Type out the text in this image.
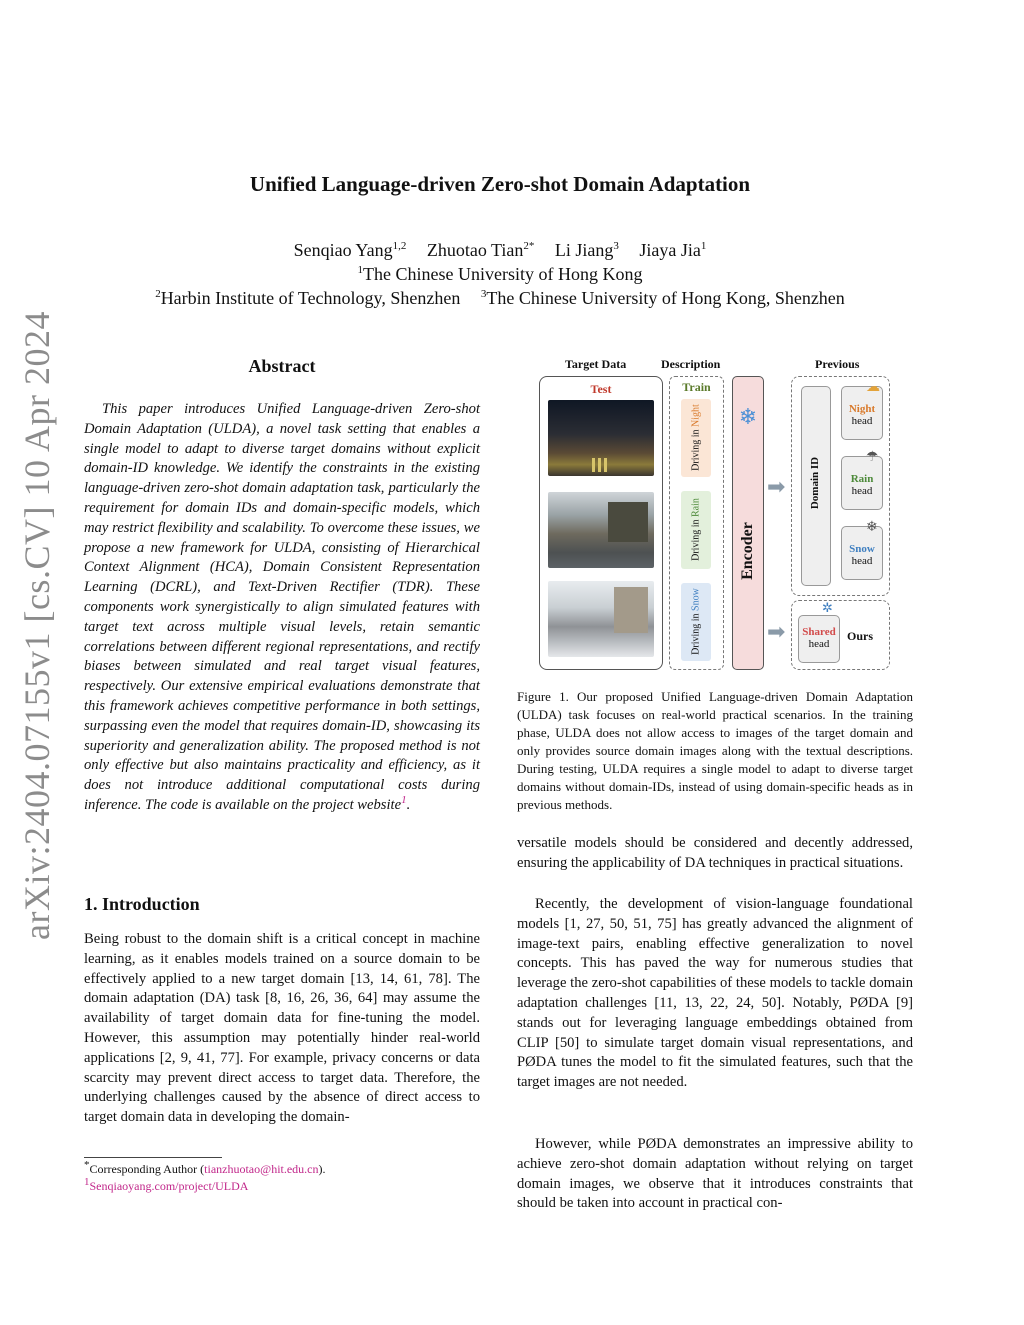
arXiv:2404.07155v1 [cs.CV] 10 Apr 2024
Unified Language-driven Zero-shot Domain Adaptation
Senqiao Yang$^{1,2}$ Zhuotao Tian$^{2*}$ Li Jiang$^3$ Jiaya Jia$^1$
$^1$The Chinese University of Hong Kong
$^2$Harbin Institute of Technology, Shenzhen $^3$The Chinese University of Hong Kong, Shenzhen
Abstract
This paper introduces Unified Language-driven Zero-shot Domain Adaptation (ULDA), a novel task setting that enables a single model to adapt to diverse target domains without explicit domain-ID knowledge. We identify the constraints in the existing language-driven zero-shot domain adaptation task, particularly the requirement for domain IDs and domain-specific models, which may restrict flexibility and scalability. To overcome these issues, we propose a new framework for ULDA, consisting of Hierarchical Context Alignment (HCA), Domain Consistent Representation Learning (DCRL), and Text-Driven Rectifier (TDR). These components work synergistically to align simulated features with target text across multiple visual levels, retain semantic correlations between different regional representations, and rectify biases between simulated and real target visual features, respectively. Our extensive empirical evaluations demonstrate that this framework achieves competitive performance in both settings, surpassing even the model that requires domain-ID, showcasing its superiority and generalization ability. The proposed method is not only effective but also maintains practicality and efficiency, as it does not introduce additional computational costs during inference. The code is available on the project website$^1$.
1. Introduction
Being robust to the domain shift is a critical concept in machine learning, as it enables models trained on a source domain to be effectively applied to a new target domain [13, 14, 61, 78]. The domain adaptation (DA) task [8, 16, 26, 36, 64] may assume the availability of target domain data for fine-tuning the model. However, this assumption may potentially hinder real-world applications [2, 9, 41, 77]. For example, privacy concerns or data scarcity may prevent direct access to target data. Therefore, the underlying challenges caused by the absence of direct access to target domain data in developing the domain-
*Corresponding Author (tianzhuotao@hit.edu.cn).
$^1$Senqiaoyang.com/project/ULDA
Target Data	Description	Previous
Test	Train
Driving in Night
Driving in Rain
Driving in Snow
❄
Encoder
➡
➡
Domain ID
Night
head
☁
Rain
head
☂
Snow
head
❄
Shared
head
✲
Ours
Figure 1. Our proposed Unified Language-driven Domain Adaptation (ULDA) task focuses on real-world practical scenarios. In the training phase, ULDA does not allow access to images of the target domain and only provides source domain images along with the textual descriptions. During testing, ULDA requires a single model to adapt to diverse target domains without domain-IDs, instead of using domain-specific heads as in previous methods.
versatile models should be considered and decently addressed, ensuring the applicability of DA techniques in practical situations.
Recently, the development of vision-language foundational models [1, 27, 50, 51, 75] has greatly advanced the alignment of image-text pairs, enabling effective generalization to novel concepts. This has paved the way for numerous studies that leverage the zero-shot capabilities of these models to tackle domain adaptation challenges [11, 13, 22, 24, 50]. Notably, PØDA [9] stands out for leveraging language embeddings obtained from CLIP [50] to simulate target domain visual representations, and PØDA tunes the model to fit the simulated features, such that the target images are not needed.
However, while PØDA demonstrates an impressive ability to achieve zero-shot domain adaptation without relying on target domain images, we observe that it introduces constraints that should be taken into account in practical con-
